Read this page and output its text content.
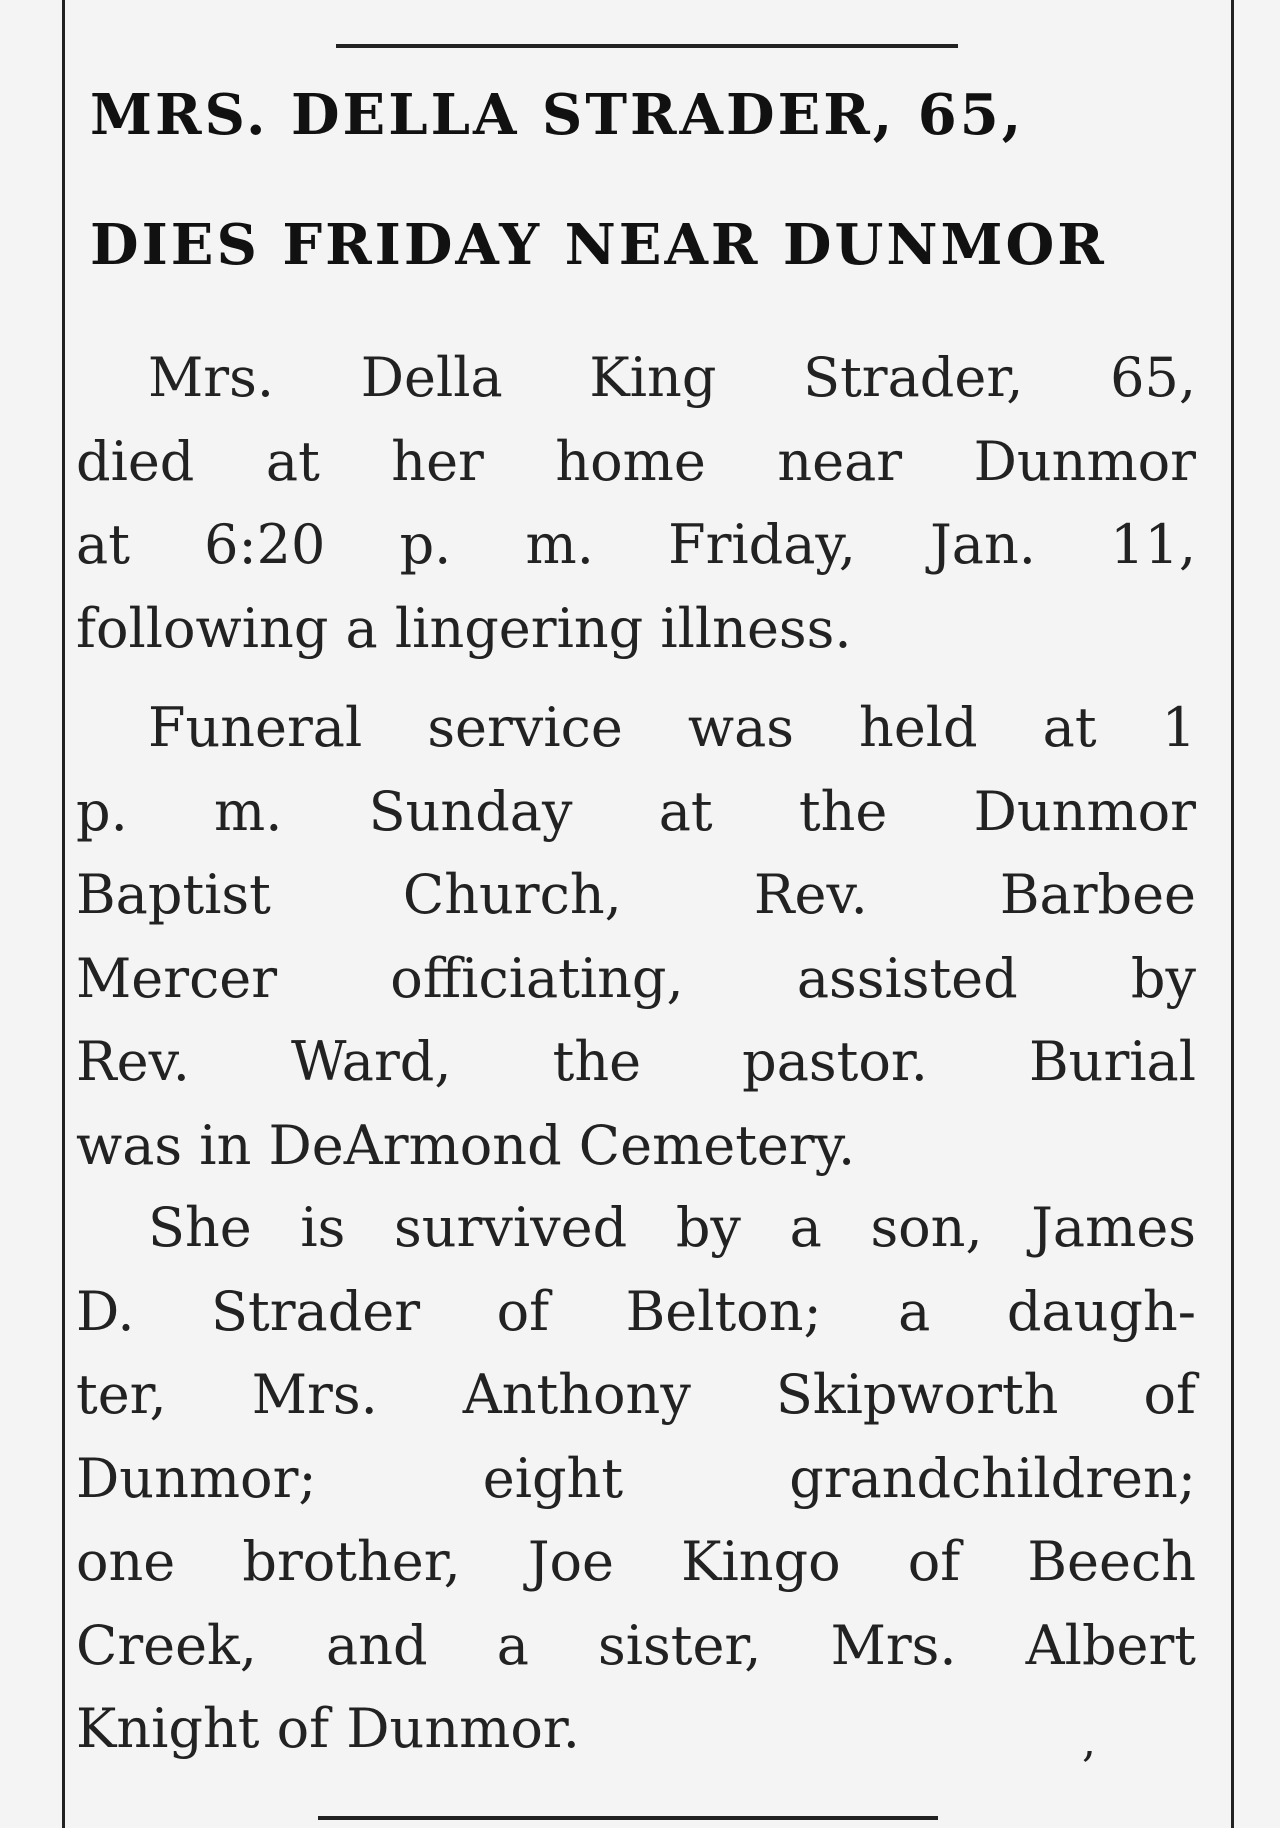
MRS. DELLA STRADER, 65,
DIES FRIDAY NEAR DUNMOR
Mrs. Della King Strader, 65,
died at her home near Dunmor
at 6:20 p. m. Friday, Jan. 11,
following a lingering illness.
Funeral service was held at 1
p. m. Sunday at the Dunmor
Baptist Church, Rev. Barbee
Mercer officiating, assisted by
Rev. Ward, the pastor. Burial
was in DeArmond Cemetery.
She is survived by a son, James
D. Strader of Belton; a daugh-
ter, Mrs. Anthony Skipworth of
Dunmor; eight grandchildren;
one brother, Joe Kingo of Beech
Creek, and a sister, Mrs. Albert
Knight of Dunmor.	,
